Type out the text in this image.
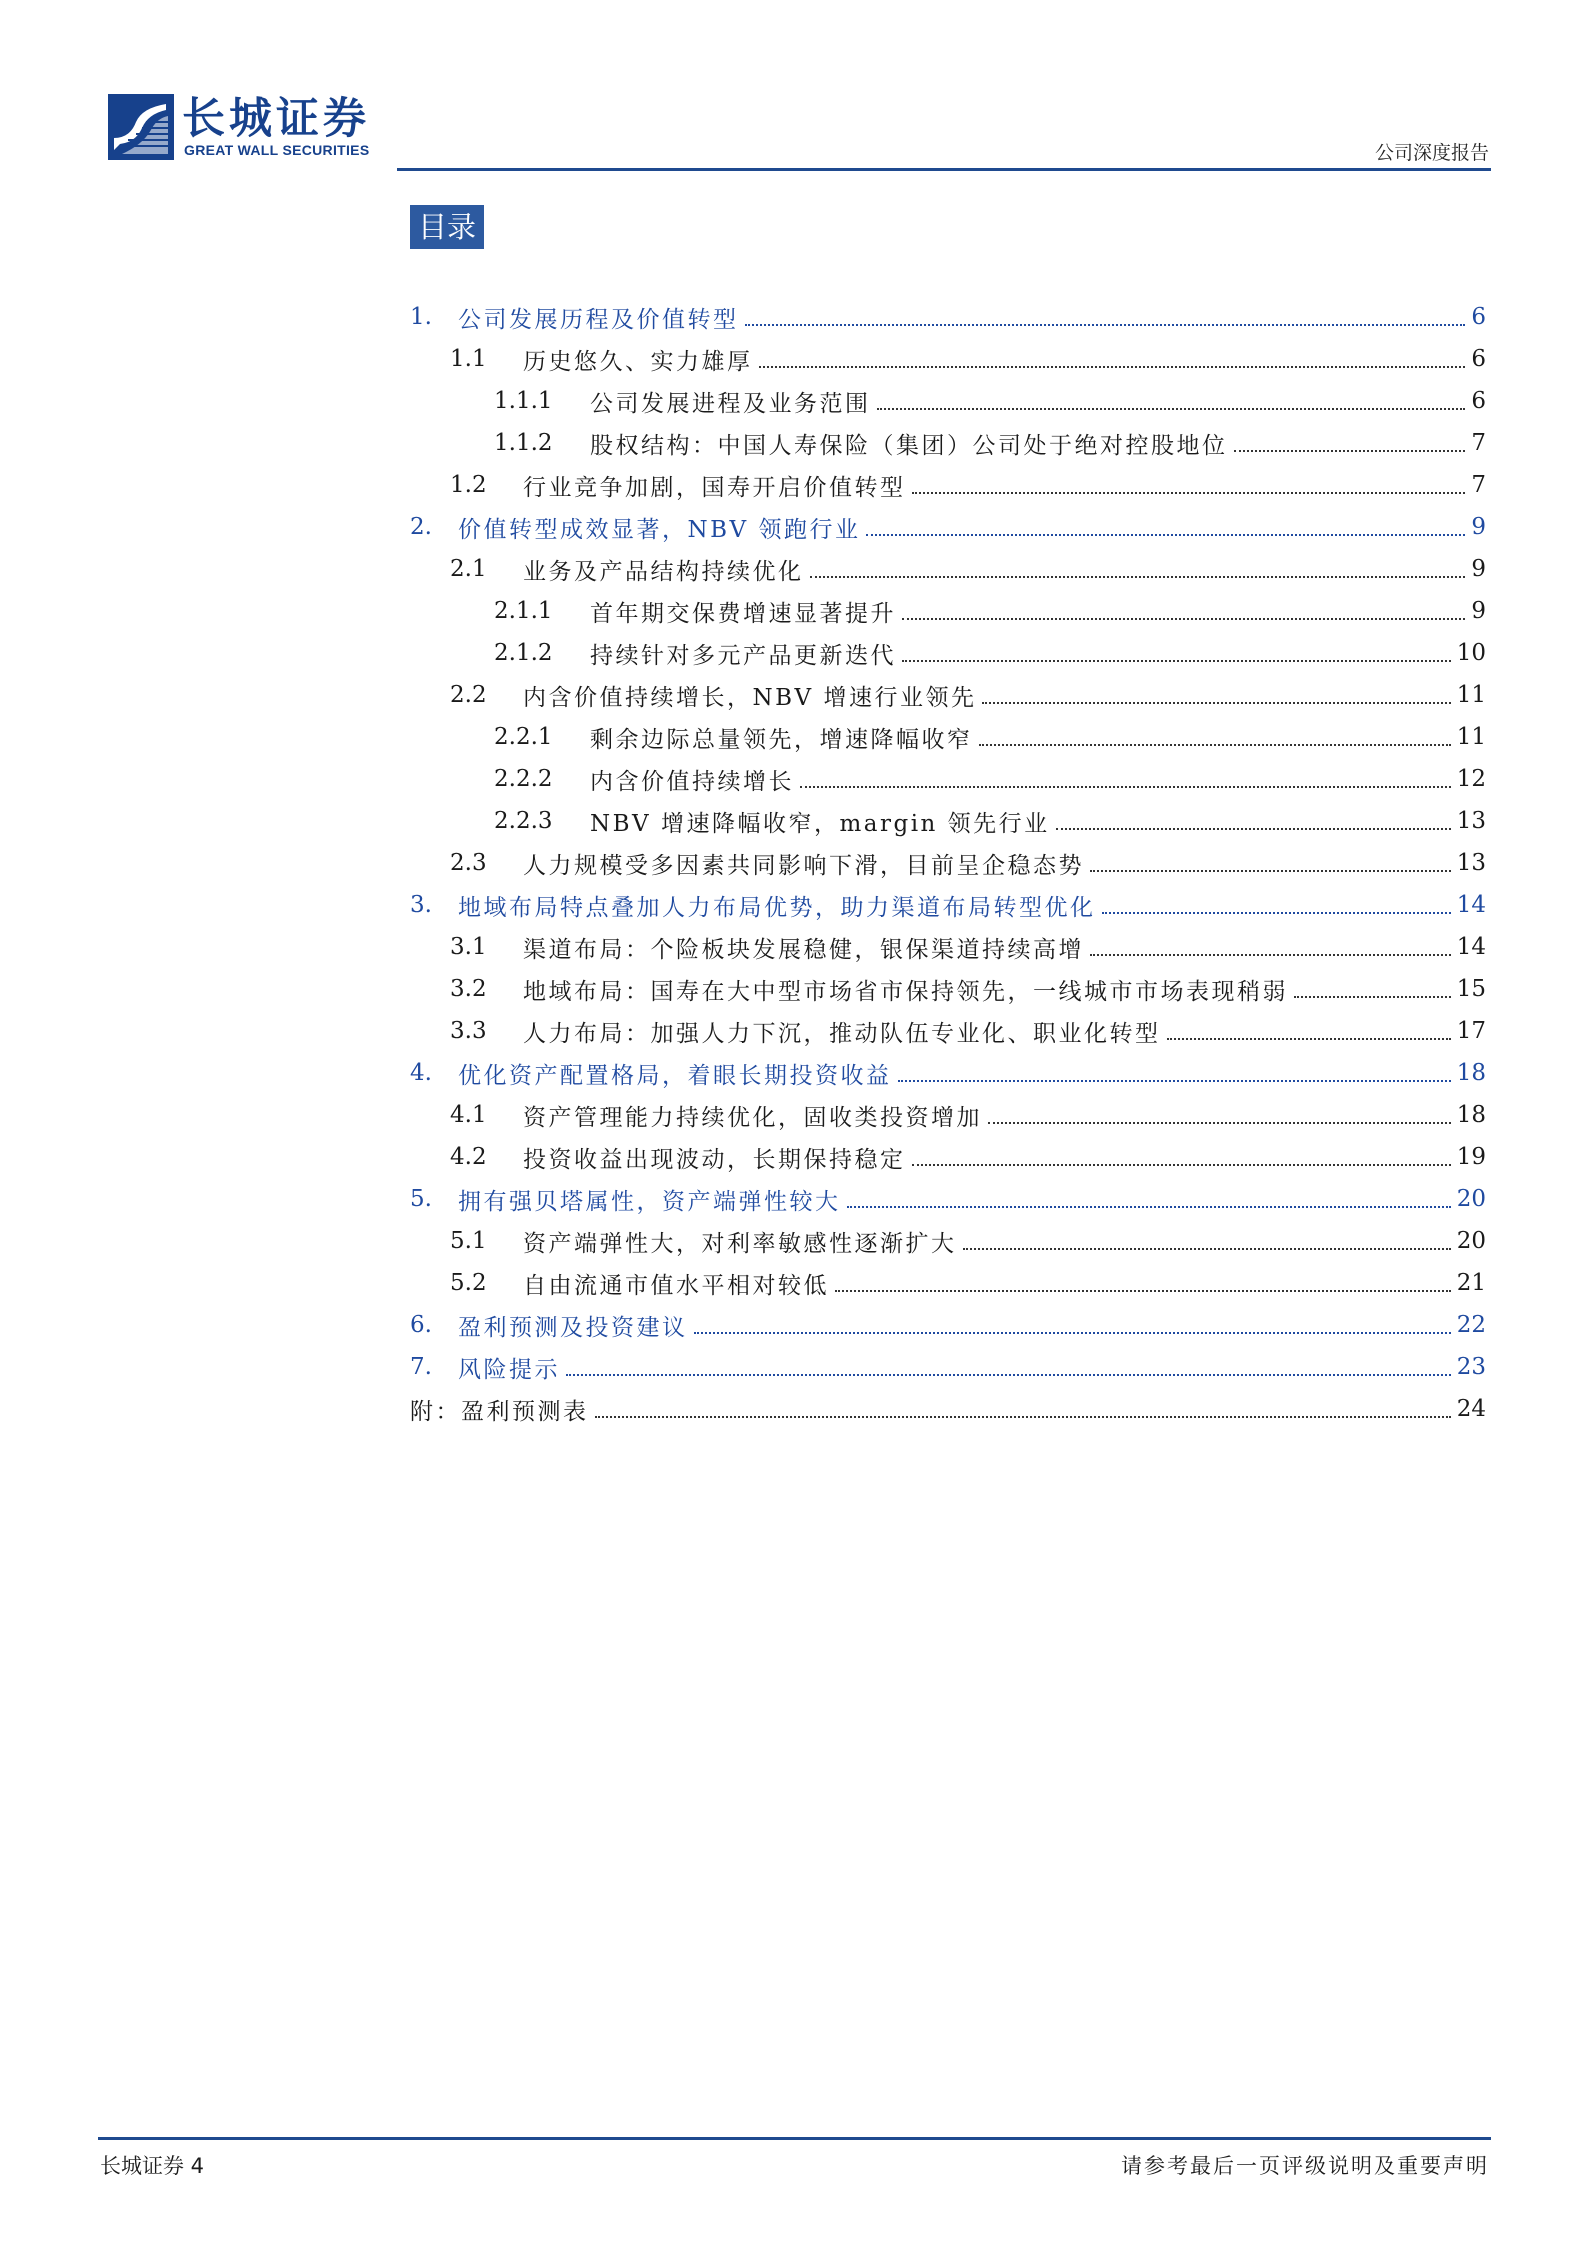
长城证券
GREAT WALL SECURITIES	公司深度报告
目录
1.	公司发展历程及价值转型	6
1.1	历史悠久、实力雄厚	6
1.1.1	公司发展进程及业务范围	6
1.1.2	股权结构：中国人寿保险（集团）公司处于绝对控股地位	7
1.2	行业竞争加剧，国寿开启价值转型	7
2.	价值转型成效显著，NBV 领跑行业	9
2.1	业务及产品结构持续优化	9
2.1.1	首年期交保费增速显著提升	9
2.1.2	持续针对多元产品更新迭代	10
2.2	内含价值持续增长，NBV 增速行业领先	11
2.2.1	剩余边际总量领先，增速降幅收窄	11
2.2.2	内含价值持续增长	12
2.2.3	NBV 增速降幅收窄，margin 领先行业	13
2.3	人力规模受多因素共同影响下滑，目前呈企稳态势	13
3.	地域布局特点叠加人力布局优势，助力渠道布局转型优化	14
3.1	渠道布局：个险板块发展稳健，银保渠道持续高增	14
3.2	地域布局：国寿在大中型市场省市保持领先，一线城市市场表现稍弱	15
3.3	人力布局：加强人力下沉，推动队伍专业化、职业化转型	17
4.	优化资产配置格局，着眼长期投资收益	18
4.1	资产管理能力持续优化，固收类投资增加	18
4.2	投资收益出现波动，长期保持稳定	19
5.	拥有强贝塔属性，资产端弹性较大	20
5.1	资产端弹性大，对利率敏感性逐渐扩大	20
5.2	自由流通市值水平相对较低	21
6.	盈利预测及投资建议	22
7.	风险提示	23
附：盈利预测表	24
长城证券 4	请参考最后一页评级说明及重要声明
